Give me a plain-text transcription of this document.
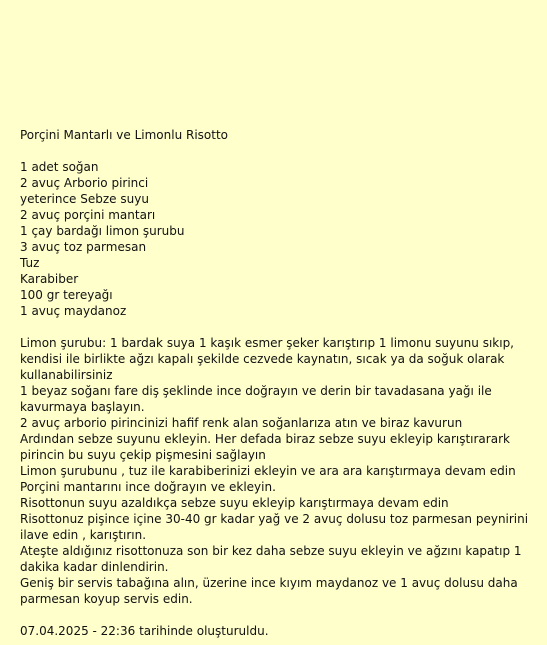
Porçini Mantarlı ve Limonlu Risotto
1 adet soğan
2 avuç Arborio pirinci
yeterince Sebze suyu
2 avuç porçini mantarı
1 çay bardağı limon şurubu
3 avuç toz parmesan
Tuz
Karabiber
100 gr tereyağı
1 avuç maydanoz
Limon şurubu: 1 bardak suya 1 kaşık esmer şeker karıştırıp 1 limonu suyunu sıkıp, kendisi ile birlikte ağzı kapalı şekilde cezvede kaynatın, sıcak ya da soğuk olarak kullanabilirsiniz
1 beyaz soğanı fare diş şeklinde ince doğrayın ve derin bir tavadasana yağı ile kavurmaya başlayın.
2 avuç arborio pirincinizi hafif renk alan soğanlarıza atın ve biraz kavurun
Ardından sebze suyunu ekleyin. Her defada biraz sebze suyu ekleyip karıştırarark pirincin bu suyu çekip pişmesini sağlayın
Limon şurubunu , tuz ile karabiberinizi ekleyin ve ara ara karıştırmaya devam edin
Porçini mantarını ince doğrayın ve ekleyin.
Risottonun suyu azaldıkça sebze suyu ekleyip karıştırmaya devam edin
Risottonuz pişince içine 30-40 gr kadar yağ ve 2 avuç dolusu toz parmesan peynirini ilave edin , karıştırın.
Ateşte aldığınız risottonuza son bir kez daha sebze suyu ekleyin ve ağzını kapatıp 1 dakika kadar dinlendirin.
Geniş bir servis tabağına alın, üzerine ince kıyım maydanoz ve 1 avuç dolusu daha parmesan koyup servis edin.

07.04.2025 - 22:36 tarihinde oluşturuldu.
